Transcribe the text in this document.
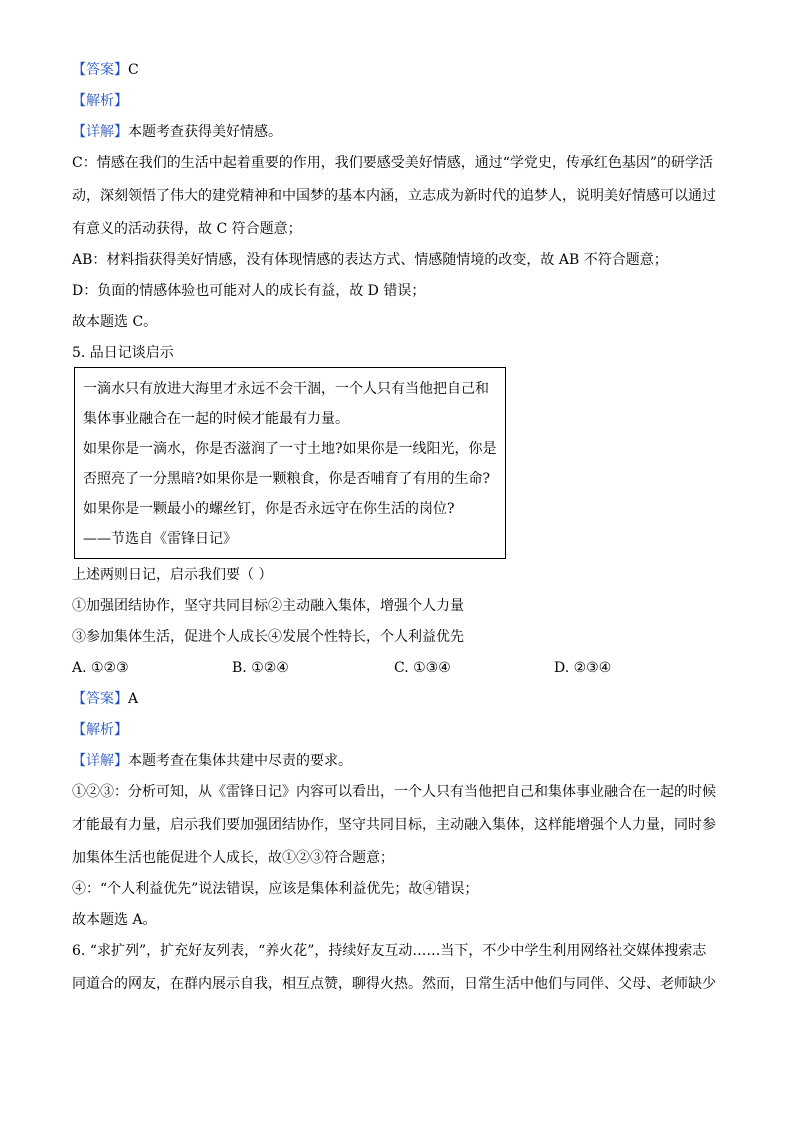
【答案】C

【解析】

【详解】本题考查获得美好情感。

C：情感在我们的生活中起着重要的作用，我们要感受美好情感，通过“学党史，传承红色基因”的研学活

动，深刻领悟了伟大的建党精神和中国梦的基本内涵，立志成为新时代的追梦人，说明美好情感可以通过

有意义的活动获得，故 C 符合题意；

AB：材料指获得美好情感，没有体现情感的表达方式、情感随情境的改变，故 AB 不符合题意；

D：负面的情感体验也可能对人的成长有益，故 D 错误；

故本题选 C。

5. 品日记谈启示

一滴水只有放进大海里才永远不会干涸，一个人只有当他把自己和

集体事业融合在一起的时候才能最有力量。

如果你是一滴水，你是否滋润了一寸土地?如果你是一线阳光，你是

否照亮了一分黑暗?如果你是一颗粮食，你是否哺育了有用的生命?

如果你是一颗最小的螺丝钉，你是否永远守在你生活的岗位?

——节选自《雷锋日记》

上述两则日记，启示我们要（ ）

①加强团结协作，坚守共同目标②主动融入集体，增强个人力量

③参加集体生活，促进个人成长④发展个性特长，个人利益优先

A. ①②③	B. ①②④	C. ①③④	D. ②③④

【答案】A

【解析】

【详解】本题考查在集体共建中尽责的要求。

①②③：分析可知，从《雷锋日记》内容可以看出，一个人只有当他把自己和集体事业融合在一起的时候

才能最有力量，启示我们要加强团结协作，坚守共同目标，主动融入集体，这样能增强个人力量，同时参

加集体生活也能促进个人成长，故①②③符合题意；

④：“个人利益优先”说法错误，应该是集体利益优先；故④错误；

故本题选 A。

6. “求扩列”，扩充好友列表，“养火花”，持续好友互动……当下，不少中学生利用网络社交媒体搜索志

同道合的网友，在群内展示自我，相互点赞，聊得火热。然而，日常生活中他们与同伴、父母、老师缺少
